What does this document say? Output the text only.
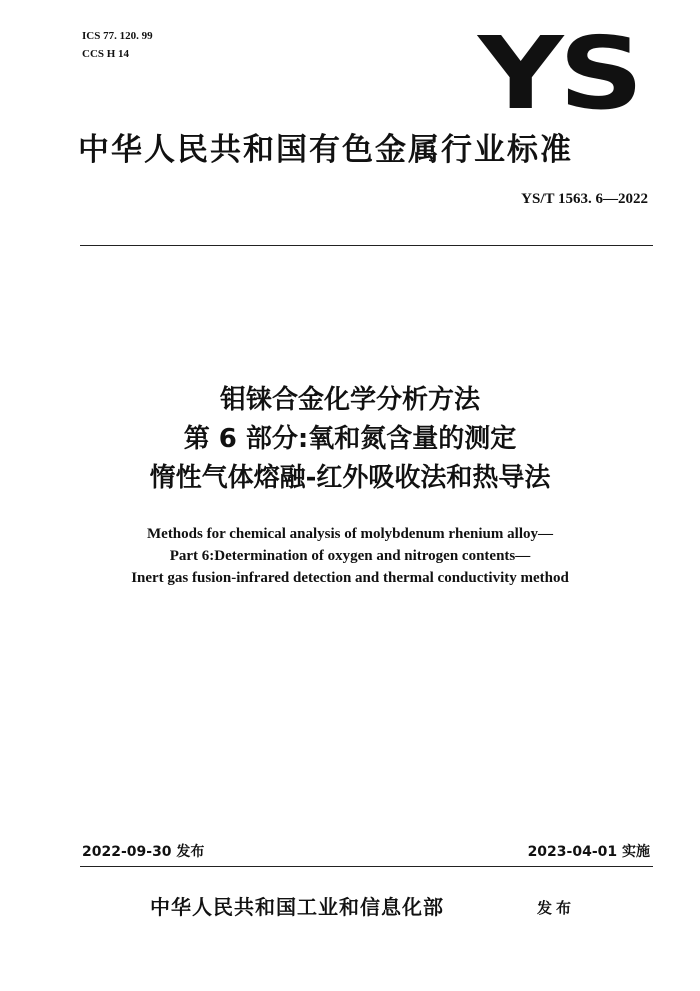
ICS 77. 120. 99
CCS H 14	YS
中华人民共和国有色金属行业标准
YS/T 1563. 6—2022
钼铼合金化学分析方法
第 6 部分:氧和氮含量的测定
惰性气体熔融-红外吸收法和热导法
Methods for chemical analysis of molybdenum rhenium alloy—
Part 6:Determination of oxygen and nitrogen contents—
Inert gas fusion-infrared detection and thermal conductivity method
2022-09-30 发布	2023-04-01 实施
中华人民共和国工业和信息化部	发布
